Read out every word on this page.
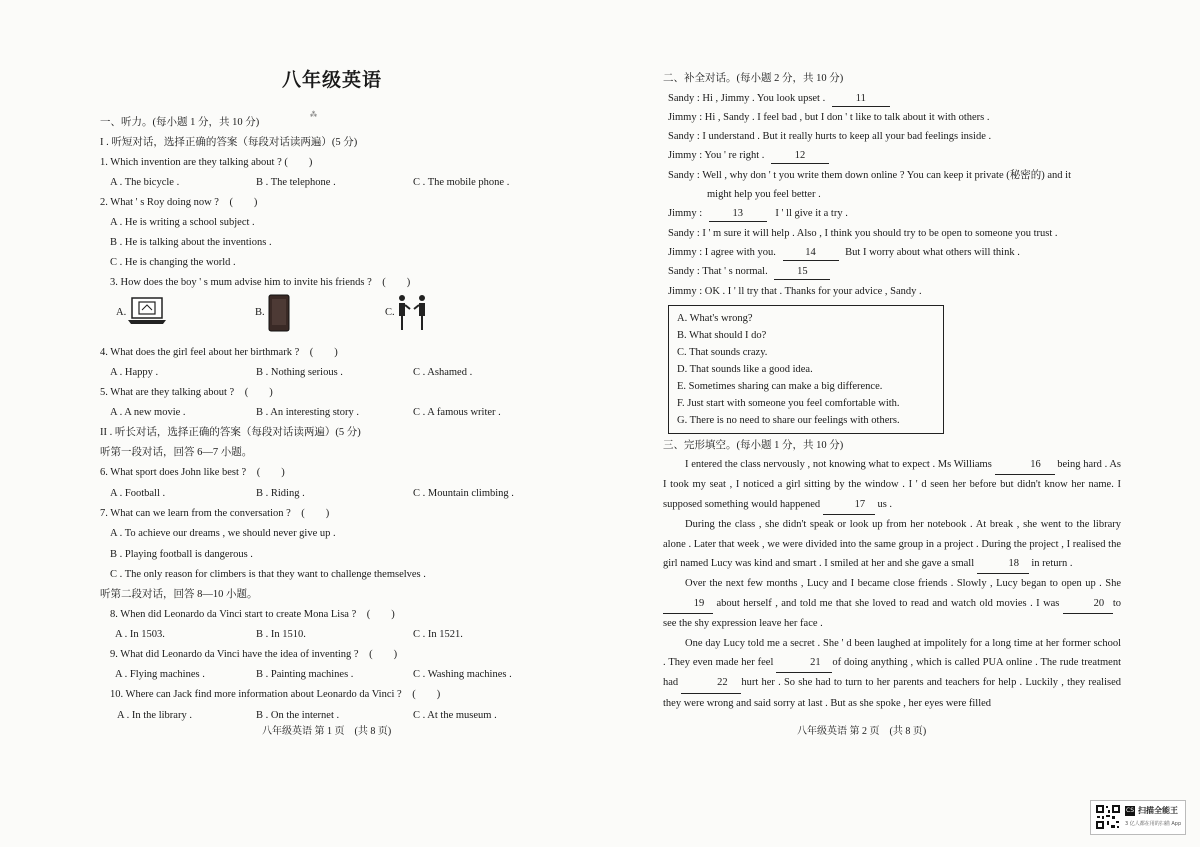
八年级英语
⁂
一、听力。(每小题 1 分，共 10 分)
I . 听短对话，选择正确的答案（每段对话读两遍）(5 分)
1. Which invention are they talking about ? (　　)
A . The bicycle .	B . The telephone .	C . The mobile phone .
2. What ' s Roy doing now ?　(　　)
A . He is writing a school subject .
B . He is talking about the inventions .
C . He is changing the world .
3. How does the boy ' s mum advise him to invite his friends ?　(　　)
A.	B.	C.
4. What does the girl feel about her birthmark ?　(　　)
A . Happy .	B . Nothing serious .	C . Ashamed .
5. What are they talking about ?　(　　)
A . A new movie .	B . An interesting story .	C . A famous writer .
II . 听长对话，选择正确的答案（每段对话读两遍）(5 分)
听第一段对话，回答 6—7 小题。
6. What sport does John like best ?　(　　)
A . Football .	B . Riding .	C . Mountain climbing .
7. What can we learn from the conversation ?　(　　)
A . To achieve our dreams , we should never give up .
B . Playing football is dangerous .
C . The only reason for climbers is that they want to challenge themselves .
听第二段对话，回答 8—10 小题。
8. When did Leonardo da Vinci start to create Mona Lisa ?　(　　)
A . In 1503.	B . In 1510.	C . In 1521.
9. What did Leonardo da Vinci have the idea of inventing ?　(　　)
A . Flying machines .	B . Painting machines .	C . Washing machines .
10. Where can Jack find more information about Leonardo da Vinci ?　(　　)
A . In the library .	B . On the internet .	C . At the museum .
八年级英语 第 1 页　(共 8 页)
二、补全对话。(每小题 2 分，共 10 分)
Sandy : Hi , Jimmy . You look upset .	11
Jimmy : Hi , Sandy . I feel bad , but I don ' t like to talk about it with others .
Sandy : I understand . But it really hurts to keep all your bad feelings inside .
Jimmy : You ' re right .	12
Sandy : Well , why don ' t you write them down online ? You can keep it private (秘密的) and it
might help you feel better .
Jimmy :	13	I ' ll give it a try .
Sandy : I ' m sure it will help . Also , I think you should try to be open to someone you trust .
Jimmy : I agree with you.	14	But I worry about what others will think .
Sandy : That ' s normal.	15
Jimmy : OK . I ' ll try that . Thanks for your advice , Sandy .
A. What's wrong?
B. What should I do?
C. That sounds crazy.
D. That sounds like a good idea.
E. Sometimes sharing can make a big difference.
F. Just start with someone you feel comfortable with.
G. There is no need to share our feelings with others.
三、完形填空。(每小题 1 分，共 10 分)

I entered the class nervously , not knowing what to expect . Ms Williams	16 being hard . As I took my seat , I noticed a girl sitting by the window . I ' d seen her before but didn't know her name. I supposed something would happened	17 us .

During the class , she didn't speak or look up from her notebook . At break , she went to the library alone . Later that week , we were divided into the same group in a project . During the project , I realised the girl named Lucy was kind and smart . I smiled at her and she gave a small	18 in return .

Over the next few months , Lucy and I became close friends . Slowly , Lucy began to open up . She19 about herself , and told me that she loved to read and watch old movies . I was	20 to see the shy expression leave her face .

One day Lucy told me a secret . She ' d been laughed at impolitely for a long time at her former school . They even made her feel	21 of doing anything , which is called PUA online . The rude treatment had	22 hurt her . So she had to turn to her parents and teachers for help . Luckily , they realised they were wrong and said sorry at last . But as she spoke , her eyes were filled

八年级英语 第 2 页　(共 8 页)
CS 扫描全能王
3 亿人都在用的扫描 App
